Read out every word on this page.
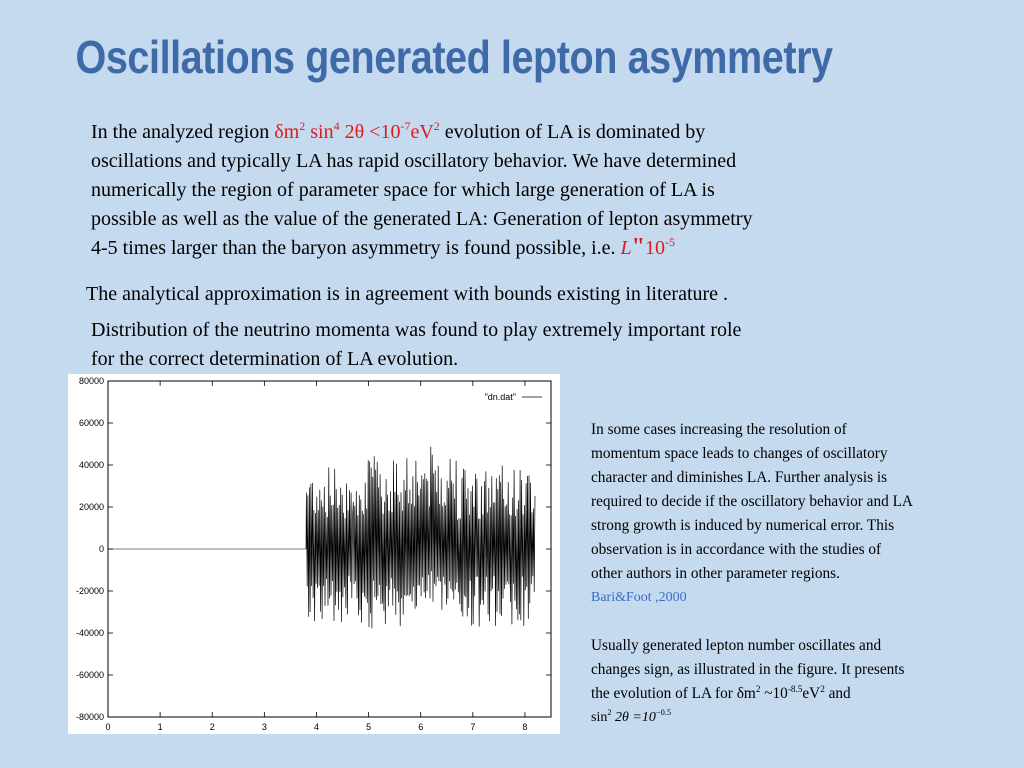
Oscillations generated lepton asymmetry
In the analyzed region $\delta m^2$ $\sin^4 2\theta <10^{-7}eV^2$ evolution of LA is dominated by
oscillations and typically LA has rapid oscillatory behavior. We have determined
numerically the region of parameter space for which large generation of LA is
possible as well as the value of the generated LA: Generation of lepton asymmetry
4-5 times larger than the baryon asymmetry is found possible, i.e. $L"10^{-5}$
The analytical approximation is in agreement with bounds existing in literature .
Distribution of the neutrino momenta was found to play extremely important role
for the correct determination of LA evolution.
0	1	2	3	4	5	6	7	8
80000
60000
40000
20000
0
-20000
-40000
-60000
-80000
"dn.dat"
In some cases increasing the resolution of
momentum space leads to changes of oscillatory
character and diminishes LA. Further analysis is
required to decide if the oscillatory behavior and LA
strong growth is induced by numerical error. This
observation is in accordance with the studies of
other authors in other parameter regions.
Bari&Foot ,2000
Usually generated lepton number oscillates and
changes sign, as illustrated in the figure. It presents
the evolution of LA for $\delta m^2$ $\sim 10^{-8.5}eV^2$ and
$\sin^2 2\theta =10^{-0.5}$
